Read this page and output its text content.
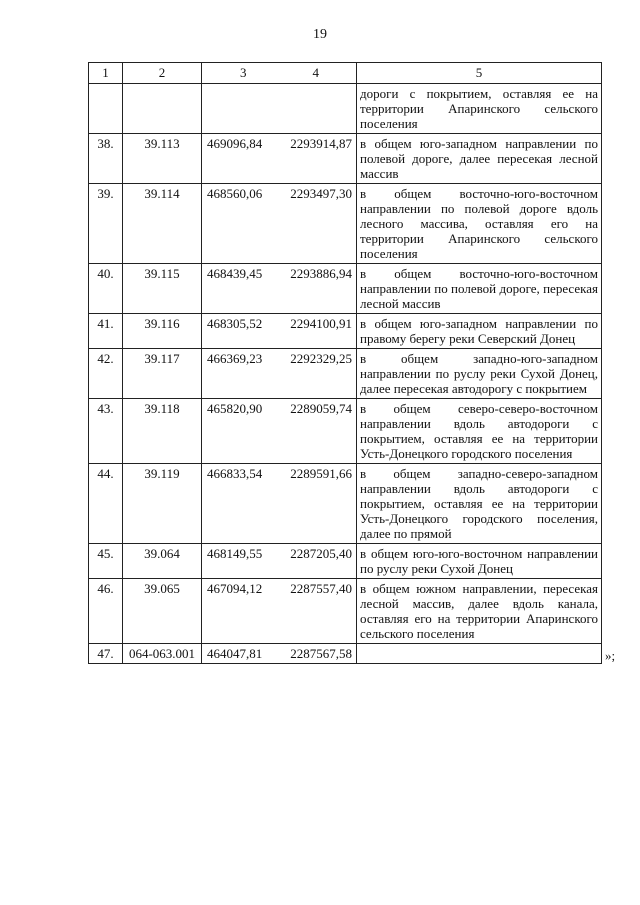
19
1	2	3 4	5

			дороги с покрытием, оставляя ее на территории Апаринского сельского поселения

38.	39.113	469096,84 2293914,87	в общем юго-западном направлении по полевой дороге, далее пересекая лесной массив

39.	39.114	468560,06 2293497,30	в общем восточно-юго-восточном направлении по полевой дороге вдоль лесного массива, оставляя его на территории Апаринского сельского поселения

40.	39.115	468439,45 2293886,94	в общем восточно-юго-восточном направлении по полевой дороге, пересекая лесной массив

41.	39.116	468305,52 2294100,91	в общем юго-западном направлении по правому берегу реки Северский Донец

42.	39.117	466369,23 2292329,25	в общем западно-юго-западном направлении по руслу реки Сухой Донец, далее пересекая автодорогу с покрытием

43.	39.118	465820,90 2289059,74	в общем северо-северо-восточном направлении вдоль автодороги с покрытием, оставляя ее на территории Усть-Донецкого городского поселения

44.	39.119	466833,54 2289591,66	в общем западно-северо-западном направлении вдоль автодороги с покрытием, оставляя ее на территории Усть-Донецкого городского поселения, далее по прямой

45.	39.064	468149,55 2287205,40	в общем юго-юго-восточном направлении по руслу реки Сухой Донец

46.	39.065	467094,12 2287557,40	в общем южном направлении, пересекая лесной массив, далее вдоль канала, оставляя его на территории Апаринского сельского поселения

47.	064-063.001	464047,81 2287567,58	
		»;
